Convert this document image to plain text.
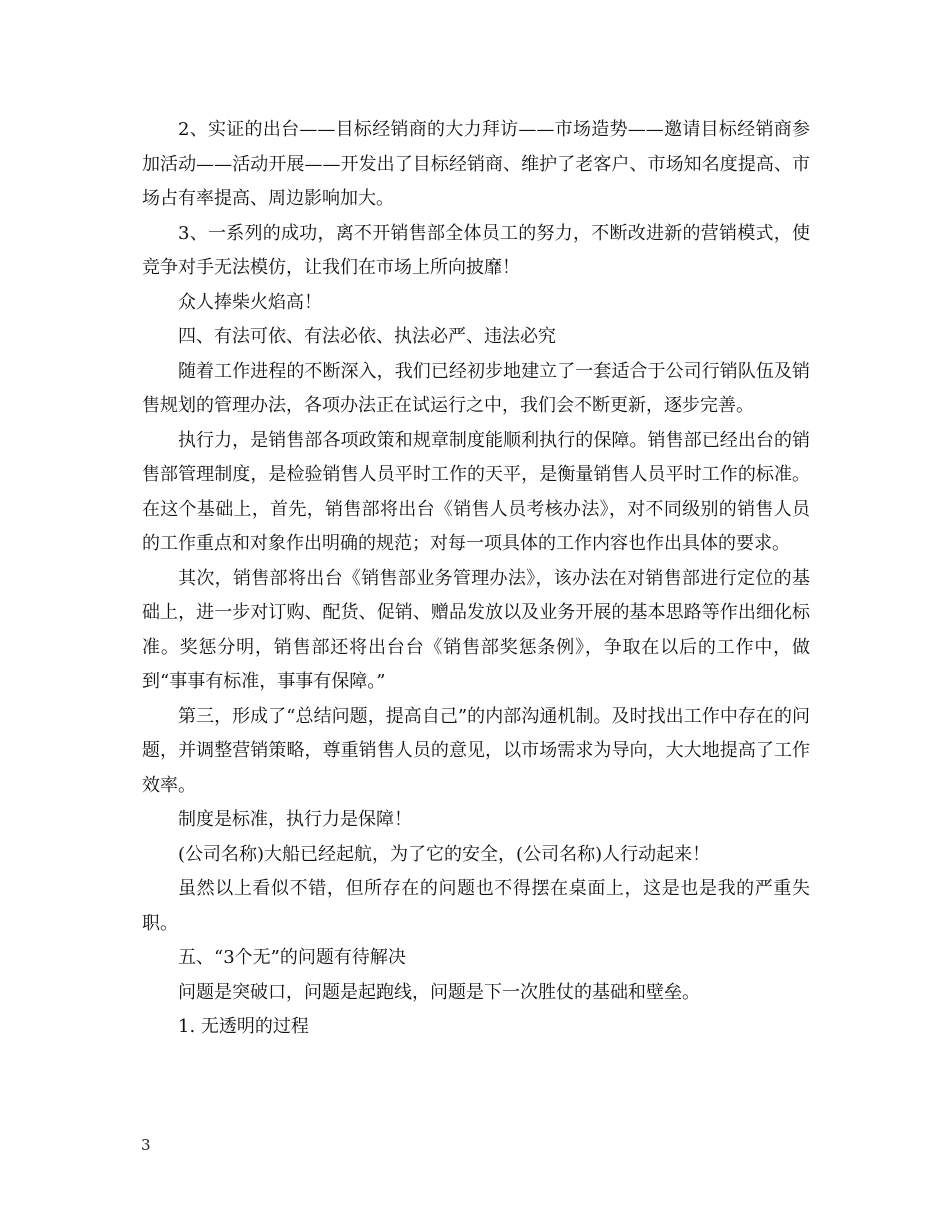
2、实证的出台——目标经销商的大力拜访——市场造势——邀请目标经销商参加活动——活动开展——开发出了目标经销商、维护了老客户、市场知名度提高、市场占有率提高、周边影响加大。

3、一系列的成功，离不开销售部全体员工的努力，不断改进新的营销模式，使竞争对手无法模仿，让我们在市场上所向披靡！

众人捧柴火焰高！

四、有法可依、有法必依、执法必严、违法必究

随着工作进程的不断深入，我们已经初步地建立了一套适合于公司行销队伍及销售规划的管理办法，各项办法正在试运行之中，我们会不断更新，逐步完善。

执行力，是销售部各项政策和规章制度能顺利执行的保障。销售部已经出台的销售部管理制度，是检验销售人员平时工作的天平，是衡量销售人员平时工作的标准。在这个基础上，首先，销售部将出台《销售人员考核办法》，对不同级别的销售人员的工作重点和对象作出明确的规范；对每一项具体的工作内容也作出具体的要求。

其次，销售部将出台《销售部业务管理办法》，该办法在对销售部进行定位的基础上，进一步对订购、配货、促销、赠品发放以及业务开展的基本思路等作出细化标准。奖惩分明，销售部还将出台台《销售部奖惩条例》，争取在以后的工作中，做到“事事有标准，事事有保障。”

第三，形成了“总结问题，提高自己”的内部沟通机制。及时找出工作中存在的问题，并调整营销策略，尊重销售人员的意见，以市场需求为导向，大大地提高了工作效率。

制度是标准，执行力是保障！

(公司名称)大船已经起航，为了它的安全，(公司名称)人行动起来！

虽然以上看似不错，但所存在的问题也不得摆在桌面上，这是也是我的严重失职。

五、“3个无”的问题有待解决

问题是突破口，问题是起跑线，问题是下一次胜仗的基础和壁垒。

1. 无透明的过程

3
